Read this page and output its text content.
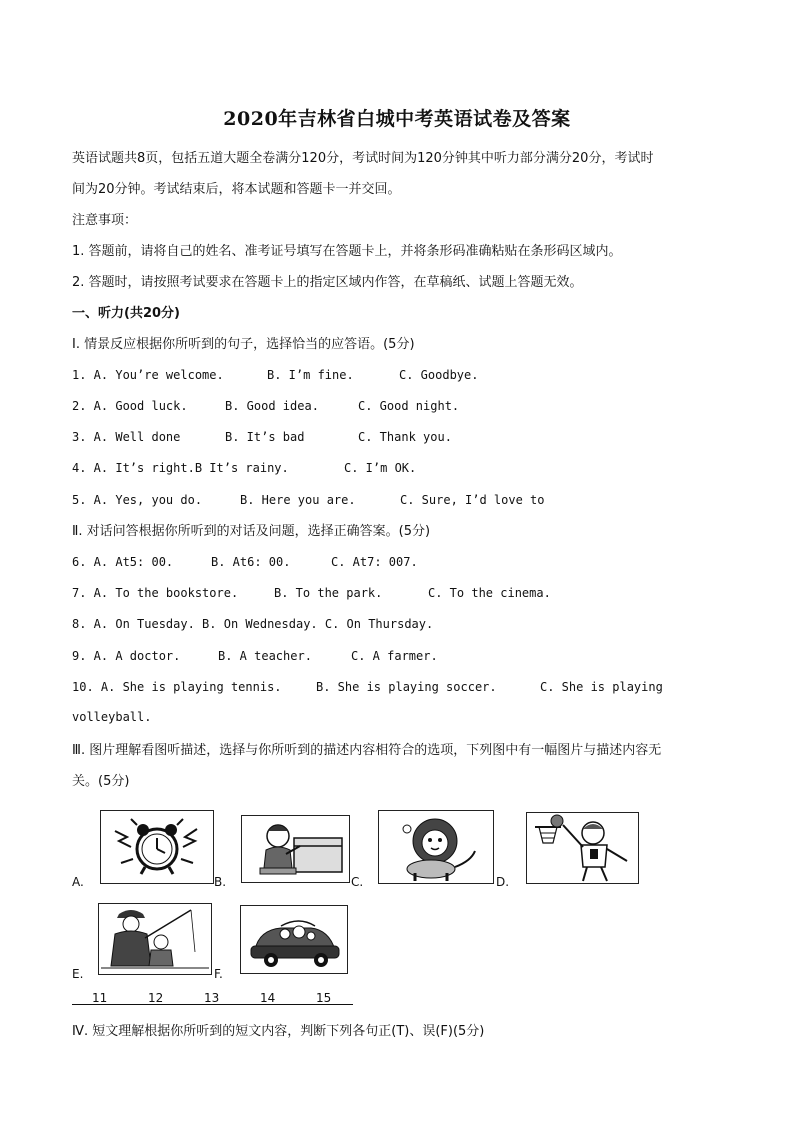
2020年吉林省白城中考英语试卷及答案
英语试题共8页，包括五道大题全卷满分120分，考试时间为120分钟其中听力部分满分20分，考试时
间为20分钟。考试结束后，将本试题和答题卡一并交回。
注意事项：
1. 答题前，请将自己的姓名、准考证号填写在答题卡上，并将条形码准确粘贴在条形码区域内。
2. 答题时，请按照考试要求在答题卡上的指定区域内作答，在草稿纸、试题上答题无效。
一、听力(共20分)
Ⅰ. 情景反应根据你所听到的句子，选择恰当的应答语。(5分)
1. A. You’re welcome.	B. I’m fine.	C. Goodbye.
2. A. Good luck.	B. Good idea.	C. Good night.
3. A. Well done	B. It’s bad	C. Thank you.
4. A. It’s right.B It’s rainy.	C. I’m OK.
5. A. Yes, you do.	B. Here you are.	C. Sure, I’d love to
Ⅱ. 对话问答根据你所听到的对话及问题，选择正确答案。(5分)
6. A. At5: 00.	B. At6: 00.	C. At7: 007.
7. A. To the bookstore.	B. To the park.	C. To the cinema.
8. A. On Tuesday. B. On Wednesday. C. On Thursday.
9. A. A doctor.	B. A teacher.	C. A farmer.
10. A. She is playing tennis.	B. She is playing soccer.	C. She is playing
volleyball.
Ⅲ. 图片理解看图听描述，选择与你所听到的描述内容相符合的选项，下列图中有一幅图片与描述内容无
关。(5分)
A.	B.	C.	D.
E.	F.
11	12	13	14	15
Ⅳ. 短文理解根据你所听到的短文内容，判断下列各句正(T)、误(F)(5分)
